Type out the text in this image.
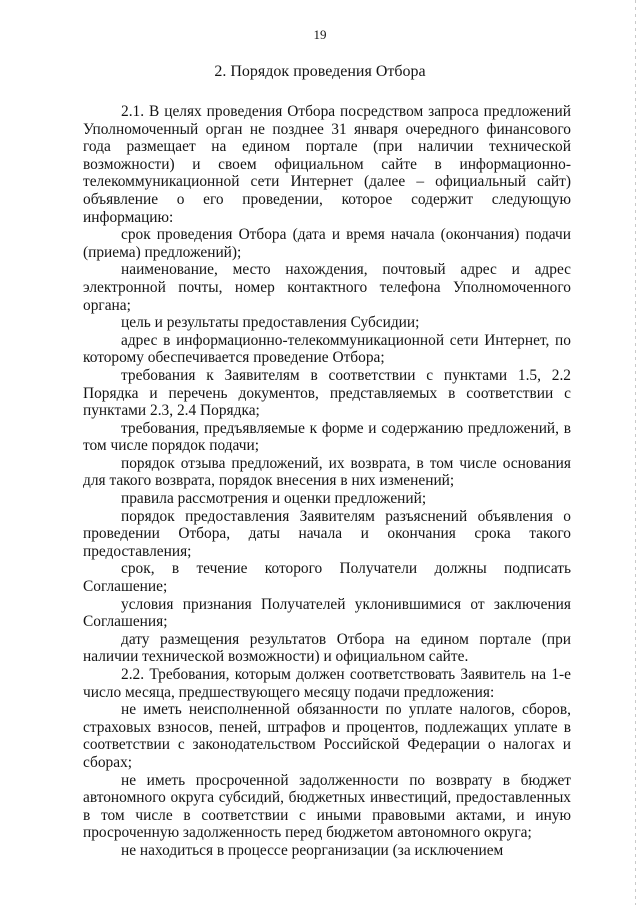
19
2. Порядок проведения Отбора

2.1. В целях проведения Отбора посредством запроса предложений Уполномоченный орган не позднее 31 января очередного финансового года размещает на едином портале (при наличии технической возможности) и своем официальном сайте в информационно-телекоммуникационной сети Интернет (далее – официальный сайт) объявление о его проведении, которое содержит следующую информацию:

срок проведения Отбора (дата и время начала (окончания) подачи (приема) предложений);

наименование, место нахождения, почтовый адрес и адрес электронной почты, номер контактного телефона Уполномоченного органа;

цель и результаты предоставления Субсидии;

адрес в информационно-телекоммуникационной сети Интернет, по которому обеспечивается проведение Отбора;

требования к Заявителям в соответствии с пунктами 1.5, 2.2 Порядка и перечень документов, представляемых в соответствии с пунктами 2.3, 2.4 Порядка;

требования, предъявляемые к форме и содержанию предложений, в том числе порядок подачи;

порядок отзыва предложений, их возврата, в том числе основания для такого возврата, порядок внесения в них изменений;

правила рассмотрения и оценки предложений;

порядок предоставления Заявителям разъяснений объявления о проведении Отбора, даты начала и окончания срока такого предоставления;

срок, в течение которого Получатели должны подписать Соглашение;

условия признания Получателей уклонившимися от заключения Соглашения;

дату размещения результатов Отбора на едином портале (при наличии технической возможности) и официальном сайте.

2.2. Требования, которым должен соответствовать Заявитель на 1-е число месяца, предшествующего месяцу подачи предложения:

не иметь неисполненной обязанности по уплате налогов, сборов, страховых взносов, пеней, штрафов и процентов, подлежащих уплате в соответствии с законодательством Российской Федерации о налогах и сборах;

не иметь просроченной задолженности по возврату в бюджет автономного округа субсидий, бюджетных инвестиций, предоставленных в том числе в соответствии с иными правовыми актами, и иную просроченную задолженность перед бюджетом автономного округа;

не находиться в процессе реорганизации (за исключением
